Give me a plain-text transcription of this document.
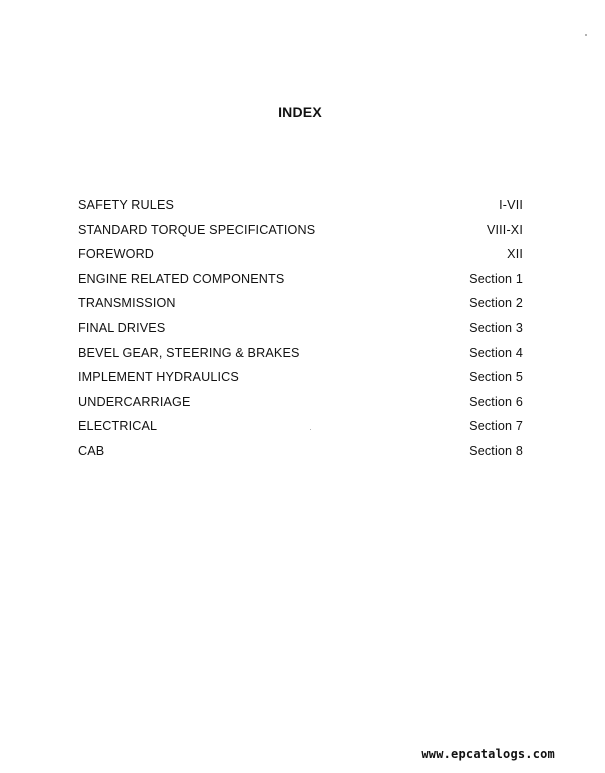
INDEX
SAFETY RULES	I-VII
STANDARD TORQUE SPECIFICATIONS	VIII-XI
FOREWORD	XII
ENGINE RELATED COMPONENTS	Section 1
TRANSMISSION	Section 2
FINAL DRIVES	Section 3
BEVEL GEAR, STEERING & BRAKES	Section 4
IMPLEMENT HYDRAULICS	Section 5
UNDERCARRIAGE	Section 6
ELECTRICAL	Section 7
CAB	Section 8
www.epcatalogs.com
